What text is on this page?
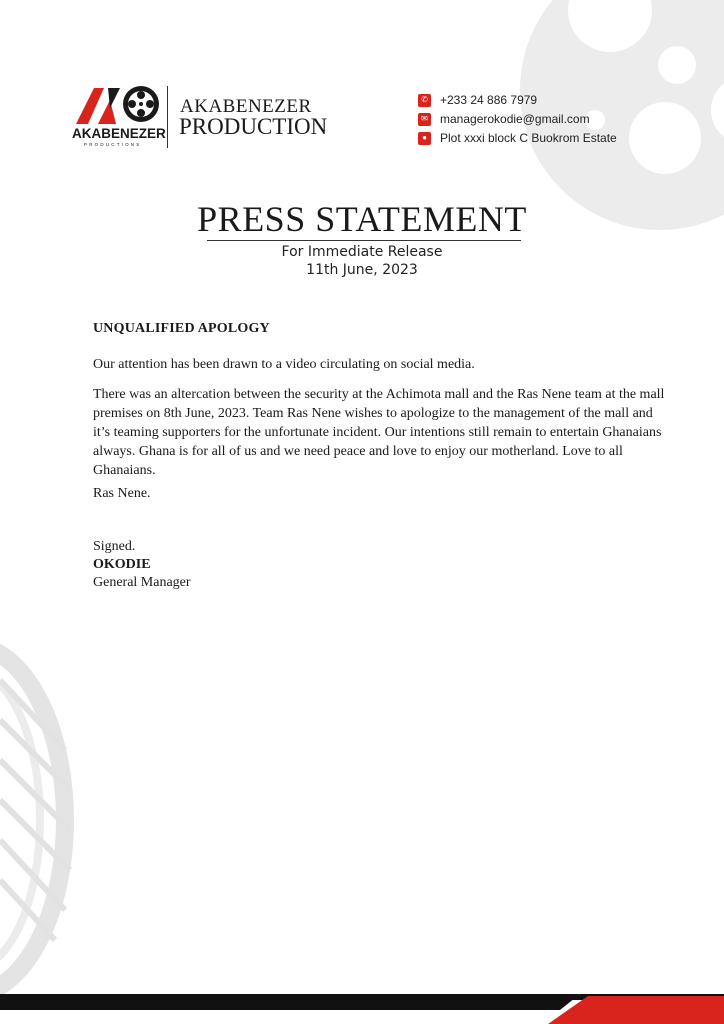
AKABENEZER
PRODUCTIONS
AKABENEZER
PRODUCTION
✆ +233 24 886 7979
✉ managerokodie@gmail.com
●	Plot xxxi block C Buokrom Estate
PRESS STATEMENT
For Immediate Release
11th June, 2023
UNQUALIFIED APOLOGY
Our attention has been drawn to a video circulating on social media.
There was an altercation between the security at the Achimota mall and the Ras Nene team at the mall premises on 8th June, 2023. Team Ras Nene wishes to apologize to the management of the mall and it’s teaming supporters for the unfortunate incident. Our intentions still remain to entertain Ghanaians always. Ghana is for all of us and we need peace and love to enjoy our motherland. Love to all Ghanaians.
Ras Nene.
Signed.
OKODIE
General Manager
